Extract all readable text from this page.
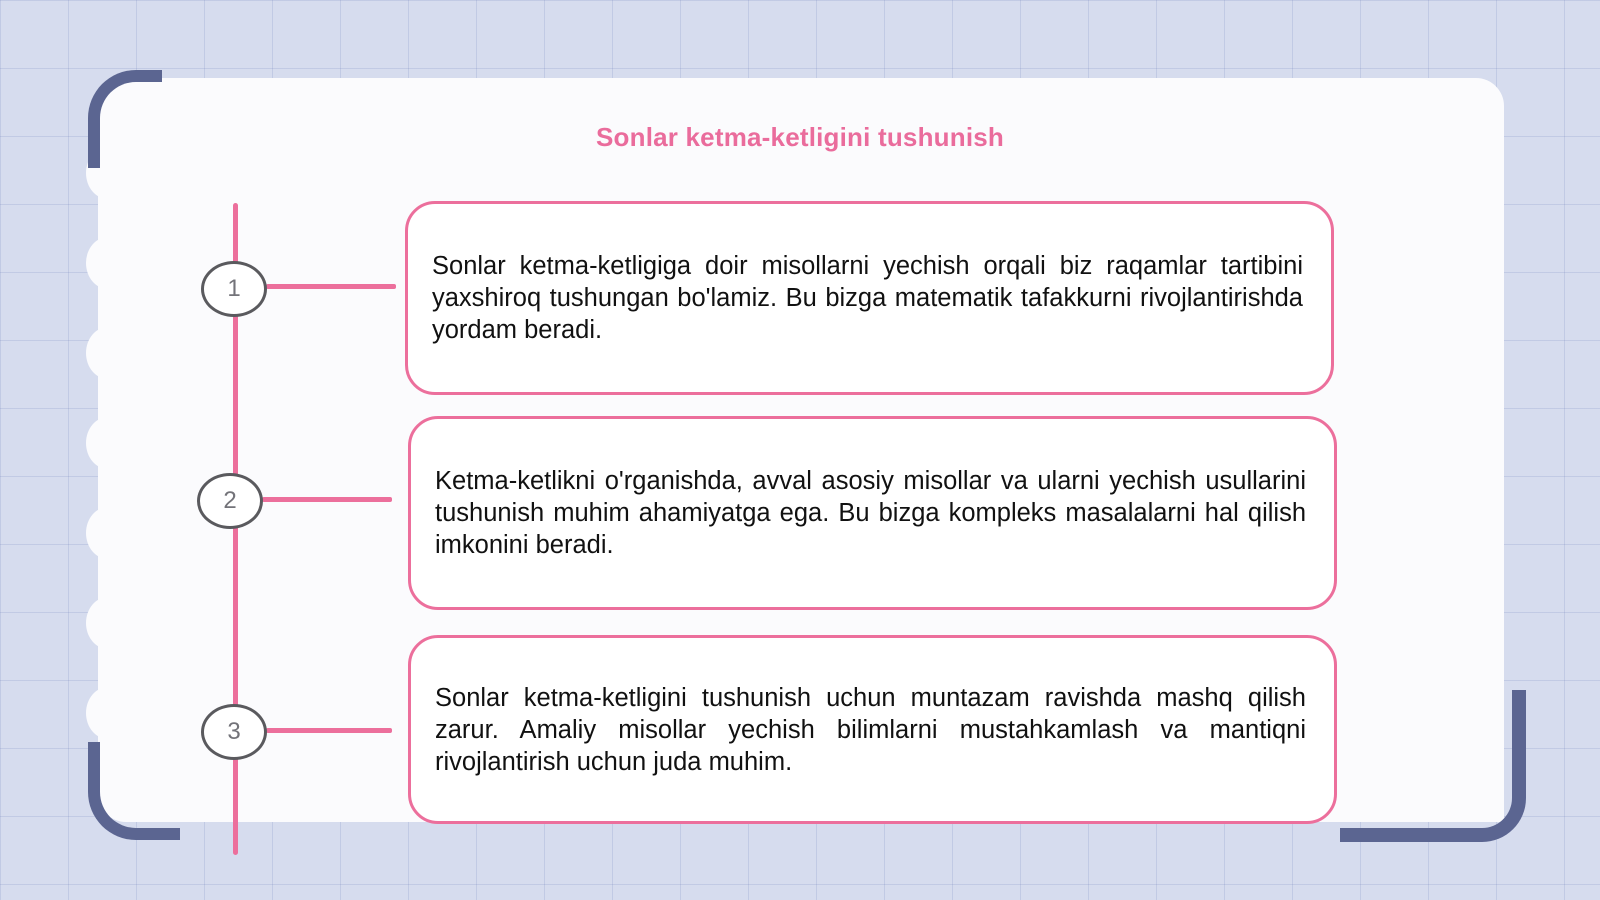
Sonlar ketma-ketligini tushunish
1
2
3

Sonlar ketma-ketligiga doir misollarni yechish orqali biz raqamlar tartibini yaxshiroq tushungan bo'lamiz. Bu bizga matematik tafakkurni rivojlantirishda yordam beradi.

Ketma-ketlikni o'rganishda, avval asosiy misollar va ularni yechish usullarini tushunish muhim ahamiyatga ega. Bu bizga kompleks masalalarni hal qilish imkonini beradi.

Sonlar ketma-ketligini tushunish uchun muntazam ravishda mashq qilish zarur. Amaliy misollar yechish bilimlarni mustahkamlash va mantiqni rivojlantirish uchun juda muhim.
